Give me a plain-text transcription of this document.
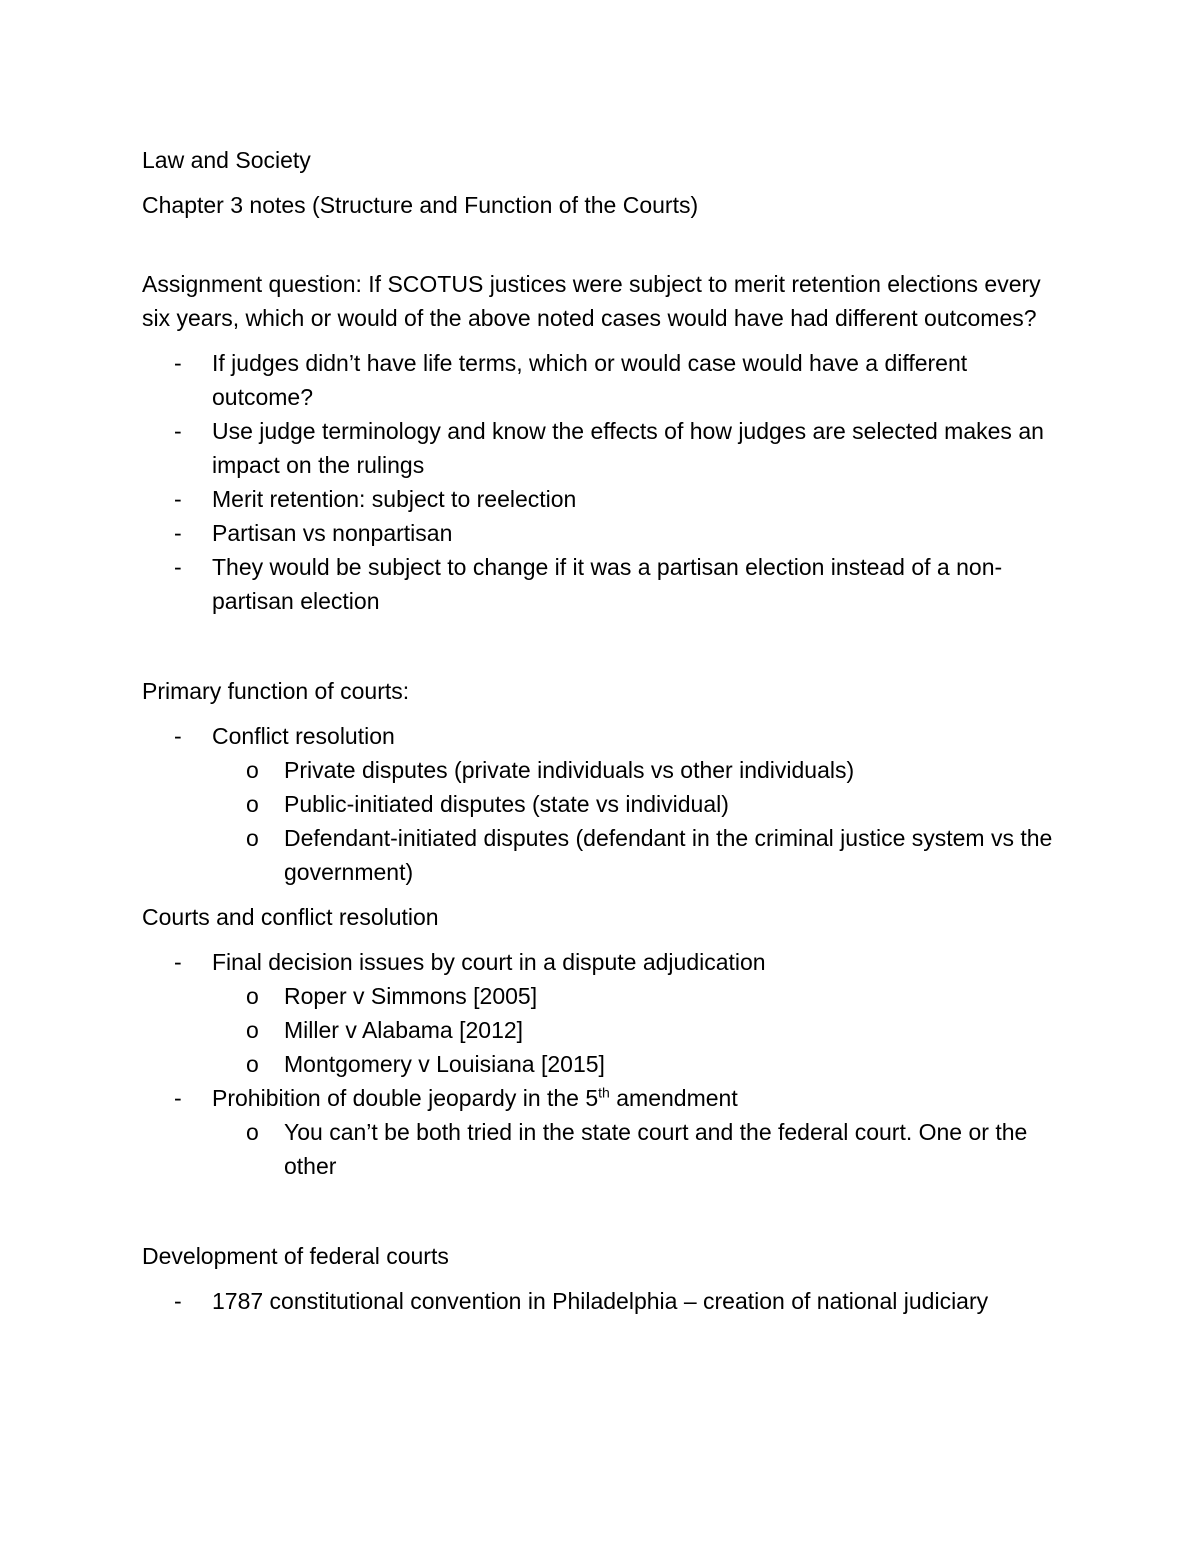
Law and Society

Chapter 3 notes (Structure and Function of the Courts)

Assignment question: If SCOTUS justices were subject to merit retention elections every six years, which or would of the above noted cases would have had different outcomes?

- If judges didn’t have life terms, which or would case would have a different outcome?
- Use judge terminology and know the effects of how judges are selected makes an impact on the rulings
- Merit retention: subject to reelection
- Partisan vs nonpartisan
- They would be subject to change if it was a partisan election instead of a non-partisan election

Primary function of courts:

- Conflict resolution
o Private disputes (private individuals vs other individuals)
o Public-initiated disputes (state vs individual)
o Defendant-initiated disputes (defendant in the criminal justice system vs the government)

Courts and conflict resolution

- Final decision issues by court in a dispute adjudication
o Roper v Simmons [2005]
o Miller v Alabama [2012]
o Montgomery v Louisiana [2015]
- Prohibition of double jeopardy in the 5th amendment
o You can’t be both tried in the state court and the federal court. One or the other

Development of federal courts

- 1787 constitutional convention in Philadelphia – creation of national judiciary
